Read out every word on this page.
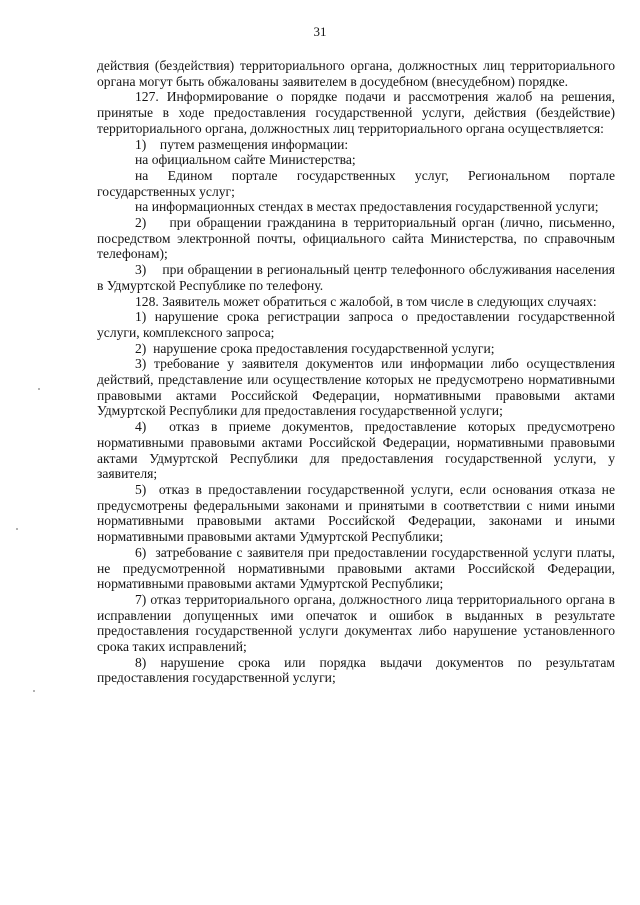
31

действия (бездействия) территориального органа, должностных лиц территориального органа могут быть обжалованы заявителем в досудебном (внесудебном) порядке.

127. Информирование о порядке подачи и рассмотрения жалоб на решения, принятые в ходе предоставления государственной услуги, действия (бездействие) территориального органа, должностных лиц территориального органа осуществляется:

1)    путем размещения информации:

на официальном сайте Министерства;

на Едином портале государственных услуг, Региональном портале государственных услуг;

на информационных стендах в местах предоставления государственной услуги;

2)    при обращении гражданина в территориальный орган (лично, письменно, посредством электронной почты, официального сайта Министерства, по справочным телефонам);

3)    при обращении в региональный центр телефонного обслуживания населения в Удмуртской Республике по телефону.

128. Заявитель может обратиться с жалобой, в том числе в следующих случаях:

1) нарушение срока регистрации запроса о предоставлении государственной услуги, комплексного запроса;

2)  нарушение срока предоставления государственной услуги;

3) требование у заявителя документов или информации либо осуществления действий, представление или осуществление которых не предусмотрено нормативными правовыми актами Российской Федерации, нормативными правовыми актами Удмуртской Республики для предоставления государственной услуги;

4)  отказ в приеме документов, предоставление которых предусмотрено нормативными правовыми актами Российской Федерации, нормативными правовыми актами Удмуртской Республики для предоставления государственной услуги, у заявителя;

5)  отказ в предоставлении государственной услуги, если основания отказа не предусмотрены федеральными законами и принятыми в соответствии с ними иными нормативными правовыми актами Российской Федерации, законами и иными нормативными правовыми актами Удмуртской Республики;

6)  затребование с заявителя при предоставлении государственной услуги платы, не предусмотренной нормативными правовыми актами Российской Федерации, нормативными правовыми актами Удмуртской Республики;

7) отказ территориального органа, должностного лица территориального органа в исправлении допущенных ими опечаток и ошибок в выданных в результате предоставления государственной услуги документах либо нарушение установленного срока таких исправлений;

8) нарушение срока или порядка выдачи документов по результатам предоставления государственной услуги;
